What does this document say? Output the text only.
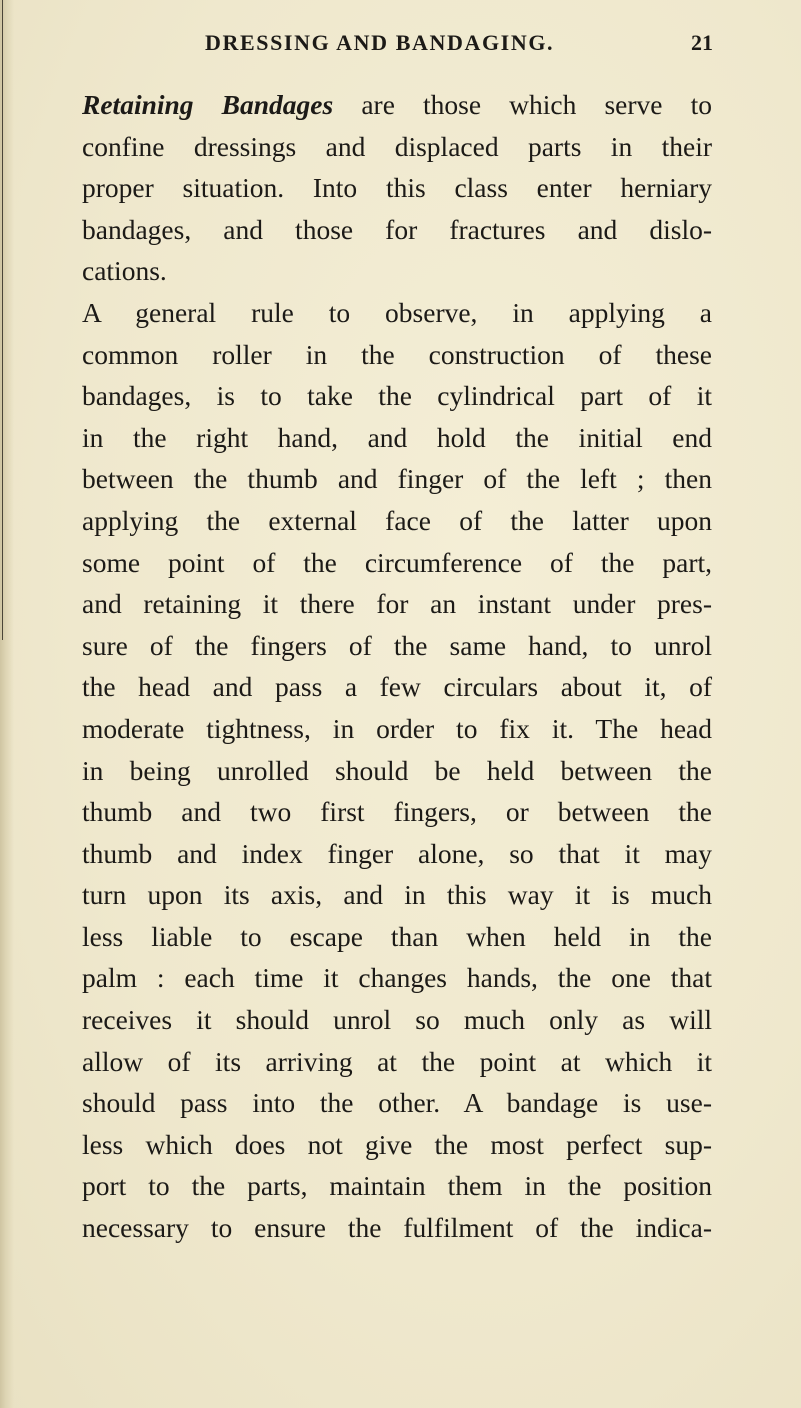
DRESSING AND BANDAGING.	21
Retaining Bandages are those which serve to
confine dressings and displaced parts in their
proper situation. Into this class enter herniary
bandages, and those for fractures and dislo-
cations.
A general rule to observe, in applying a
common roller in the construction of these
bandages, is to take the cylindrical part of it
in the right hand, and hold the initial end
between the thumb and finger of the left ; then
applying the external face of the latter upon
some point of the circumference of the part,
and retaining it there for an instant under pres-
sure of the fingers of the same hand, to unrol
the head and pass a few circulars about it, of
moderate tightness, in order to fix it. The head
in being unrolled should be held between the
thumb and two first fingers, or between the
thumb and index finger alone, so that it may
turn upon its axis, and in this way it is much
less liable to escape than when held in the
palm : each time it changes hands, the one that
receives it should unrol so much only as will
allow of its arriving at the point at which it
should pass into the other. A bandage is use-
less which does not give the most perfect sup-
port to the parts, maintain them in the position
necessary to ensure the fulfilment of the indica-
